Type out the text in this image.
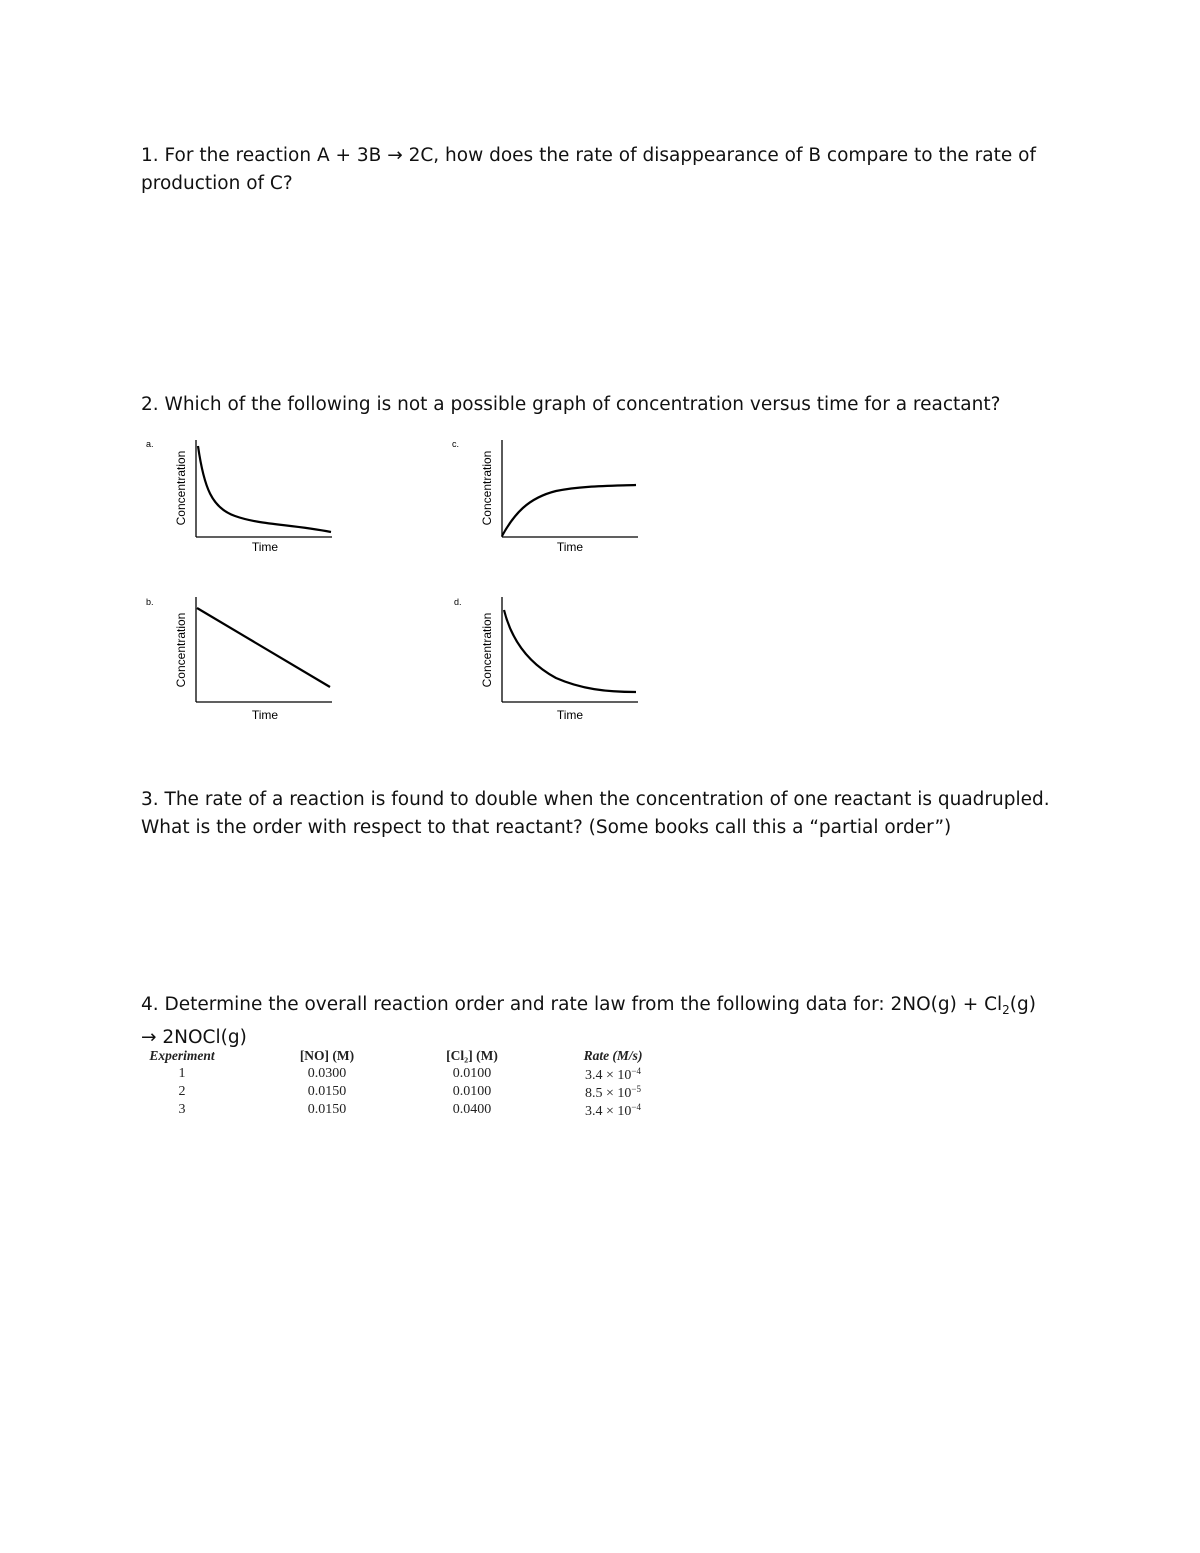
1. For the reaction A + 3B → 2C, how does the rate of disappearance of B compare to the rate of production of C?

2. Which of the following is not a possible graph of concentration versus time for a reactant?

a.
Concentration
Time
c.
Concentration
Time
b.
Concentration
Time
d.
Concentration
Time

3. The rate of a reaction is found to double when the concentration of one reactant is quadrupled. What is the order with respect to that reactant? (Some books call this a “partial order”)

4. Determine the overall reaction order and rate law from the following data for: $2NO(g) + Cl_2(g)$ → 2NOCl(g)

Experiment	[NO] (M)	[Cl₂] (M)	Rate (M/s)
1	0.0300	0.0100	$3.4 \times 10^{-4}$
2	0.0150	0.0100	$8.5 \times 10^{-5}$
3	0.0150	0.0400	$3.4 \times 10^{-4}$
